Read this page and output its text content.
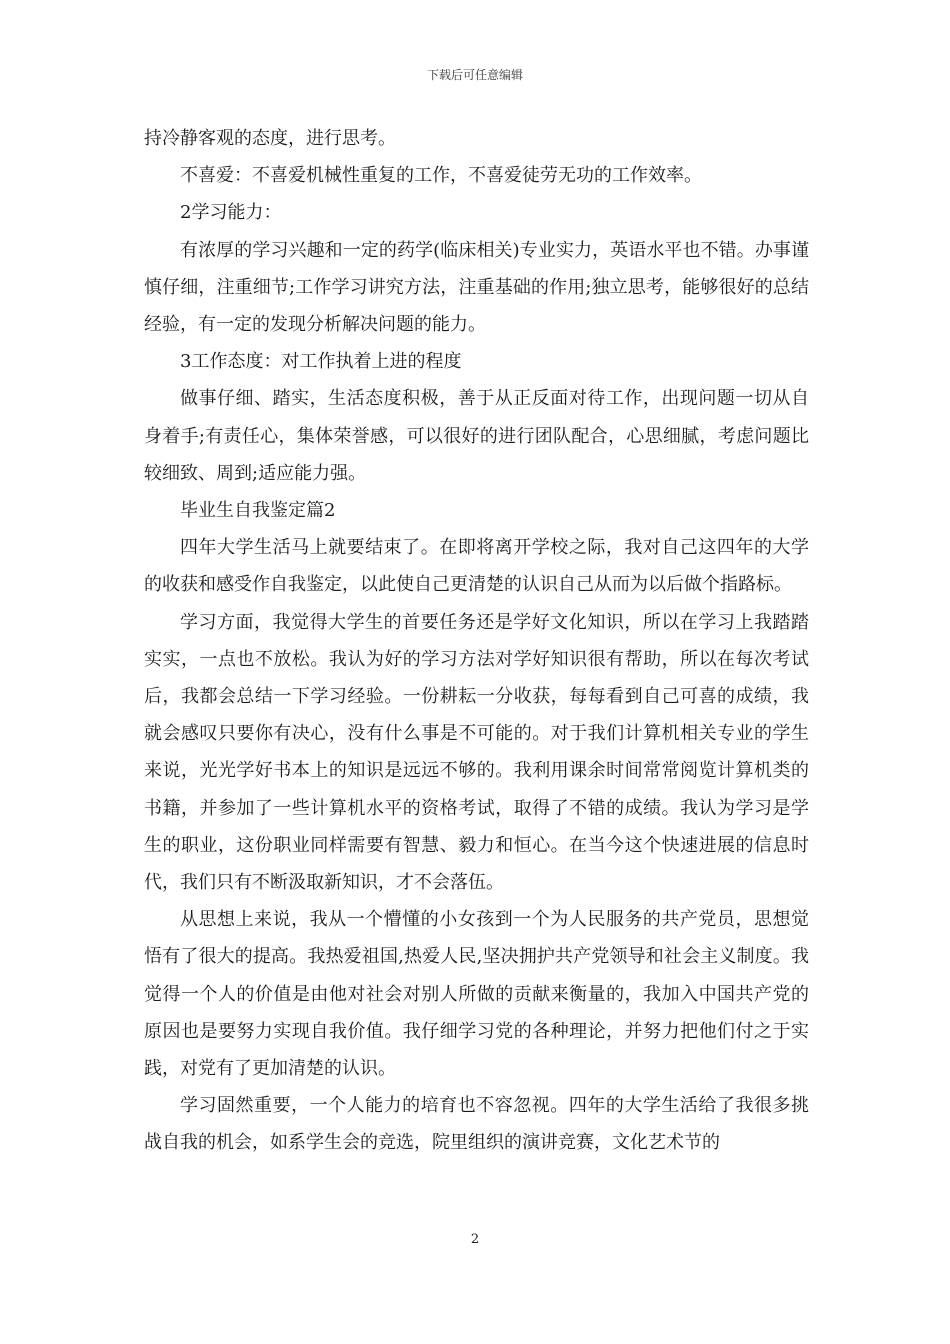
下载后可任意编辑

持冷静客观的态度，进行思考。

不喜爱：不喜爱机械性重复的工作，不喜爱徒劳无功的工作效率。

2学习能力：

有浓厚的学习兴趣和一定的药学(临床相关)专业实力，英语水平也不错。办事谨慎仔细，注重细节;工作学习讲究方法，注重基础的作用;独立思考，能够很好的总结经验，有一定的发现分析解决问题的能力。

3工作态度：对工作执着上进的程度

做事仔细、踏实，生活态度积极，善于从正反面对待工作，出现问题一切从自身着手;有责任心，集体荣誉感，可以很好的进行团队配合，心思细腻，考虑问题比较细致、周到;适应能力强。

毕业生自我鉴定篇2

四年大学生活马上就要结束了。在即将离开学校之际，我对自己这四年的大学的收获和感受作自我鉴定，以此使自己更清楚的认识自己从而为以后做个指路标。

学习方面，我觉得大学生的首要任务还是学好文化知识，所以在学习上我踏踏实实，一点也不放松。我认为好的学习方法对学好知识很有帮助，所以在每次考试后，我都会总结一下学习经验。一份耕耘一分收获，每每看到自己可喜的成绩，我就会感叹只要你有决心，没有什么事是不可能的。对于我们计算机相关专业的学生来说，光光学好书本上的知识是远远不够的。我利用课余时间常常阅览计算机类的书籍，并参加了一些计算机水平的资格考试，取得了不错的成绩。我认为学习是学生的职业，这份职业同样需要有智慧、毅力和恒心。在当今这个快速进展的信息时代，我们只有不断汲取新知识，才不会落伍。

从思想上来说，我从一个懵懂的小女孩到一个为人民服务的共产党员，思想觉悟有了很大的提高。我热爱祖国,热爱人民,坚决拥护共产党领导和社会主义制度。我觉得一个人的价值是由他对社会对别人所做的贡献来衡量的，我加入中国共产党的原因也是要努力实现自我价值。我仔细学习党的各种理论，并努力把他们付之于实践，对党有了更加清楚的认识。

学习固然重要，一个人能力的培育也不容忽视。四年的大学生活给了我很多挑战自我的机会，如系学生会的竞选，院里组织的演讲竞赛，文化艺术节的

2
